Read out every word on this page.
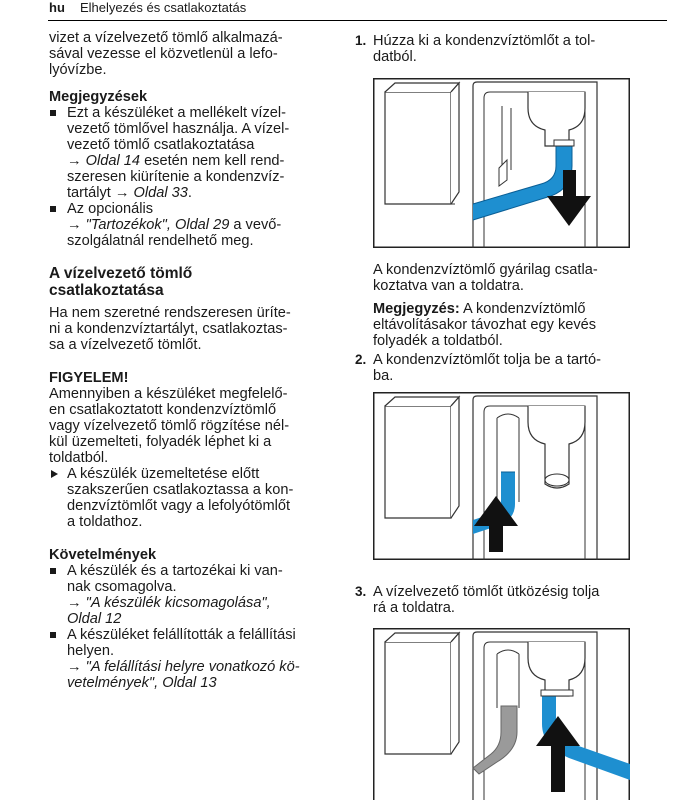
hu Elhelyezés és csatlakoztatás

vizet a vízelvezető tömlő alkalmazá-

sával vezesse el közvetlenül a lefo-

lyóvízbe.

Megjegyzések

Ezt a készüléket a mellékelt vízel-
vezető tömlővel használja. A vízel-
vezető tömlő csatlakoztatása
→ Oldal 14 esetén nem kell rend-
szeresen kiürítenie a kondenzvíz-
tartályt → Oldal 33.
Az opcionális
→ "Tartozékok", Oldal 29 a vevő-
szolgálatnál rendelhető meg.

A vízelvezető tömlő

csatlakoztatása

Ha nem szeretné rendszeresen üríte-

ni a kondenzvíztartályt, csatlakoztas-

sa a vízelvezető tömlőt.

FIGYELEM!

Amennyiben a készüléket megfelelő-

en csatlakoztatott kondenzvíztömlő

vagy vízelvezető tömlő rögzítése nél-

kül üzemelteti, folyadék léphet ki a

toldatból.

A készülék üzemeltetése előtt
szakszerűen csatlakoztassa a kon-
denzvíztömlőt vagy a lefolyótömlőt
a toldathoz.

Követelmények

A készülék és a tartozékai ki van-
nak csomagolva.
→ "A készülék kicsomagolása",
Oldal 12
A készüléket felállították a felállítási
helyen.
→ "A felállítási helyre vonatkozó kö-
vetelmények", Oldal 13
1. Húzza ki a kondenzvíztömlőt a tol-
datból.

A kondenzvíztömlő gyárilag csatla-

koztatva van a toldatra.

Megjegyzés: A kondenzvíztömlő

eltávolításakor távozhat egy kevés

folyadék a toldatból.

2. A kondenzvíztömlőt tolja be a tartó-
ba.
3. A vízelvezető tömlőt ütközésig tolja
rá a toldatra.
